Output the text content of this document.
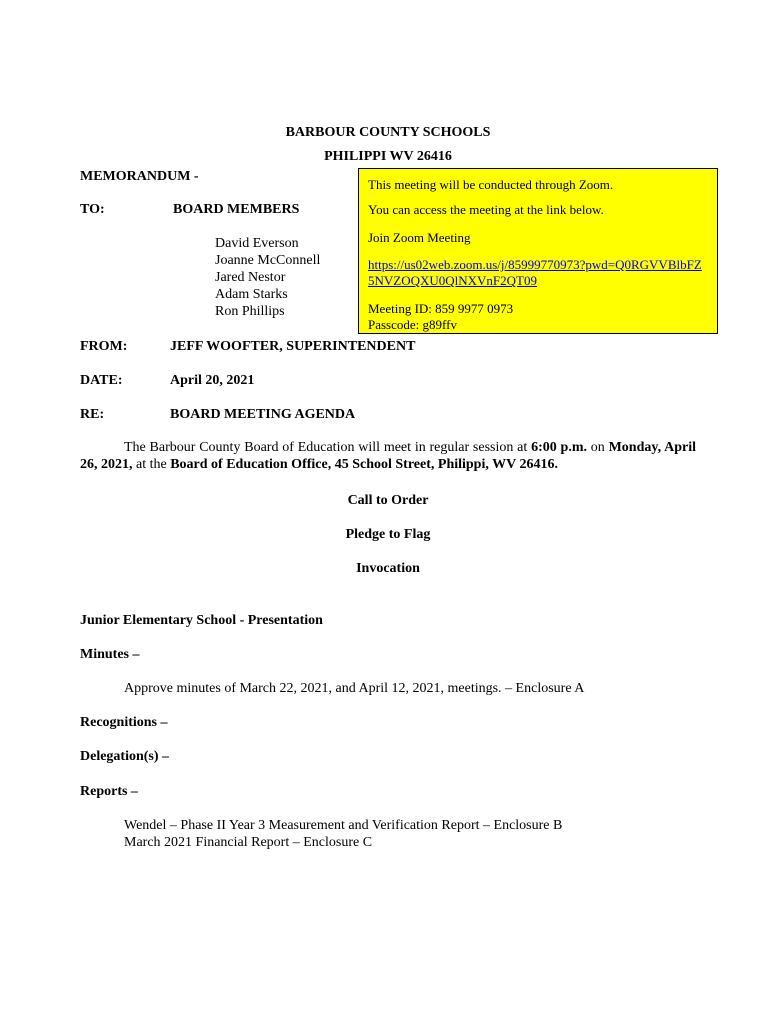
BARBOUR COUNTY SCHOOLS
PHILIPPI WV 26416
MEMORANDUM -
This meeting will be conducted through Zoom.
You can access the meeting at the link below.
Join Zoom Meeting
https://us02web.zoom.us/j/85999770973?pwd=Q0RGVVBlbFZ
5NVZOQXU0QlNXVnF2QT09
Meeting ID: 859 9977 0973
Passcode: g89ffv
TO:	BOARD MEMBERS
David Everson
Joanne McConnell
Jared Nestor
Adam Starks
Ron Phillips
FROM:	JEFF WOOFTER, SUPERINTENDENT
DATE:	April 20, 2021
RE:	BOARD MEETING AGENDA
The Barbour County Board of Education will meet in regular session at 6:00 p.m. on Monday, April 26, 2021, at the Board of Education Office, 45 School Street, Philippi, WV 26416.
Call to Order
Pledge to Flag
Invocation
Junior Elementary School - Presentation
Minutes –
Approve minutes of March 22, 2021, and April 12, 2021, meetings. – Enclosure A
Recognitions –
Delegation(s) –
Reports –
Wendel – Phase II Year 3 Measurement and Verification Report – Enclosure B
March 2021 Financial Report – Enclosure C
